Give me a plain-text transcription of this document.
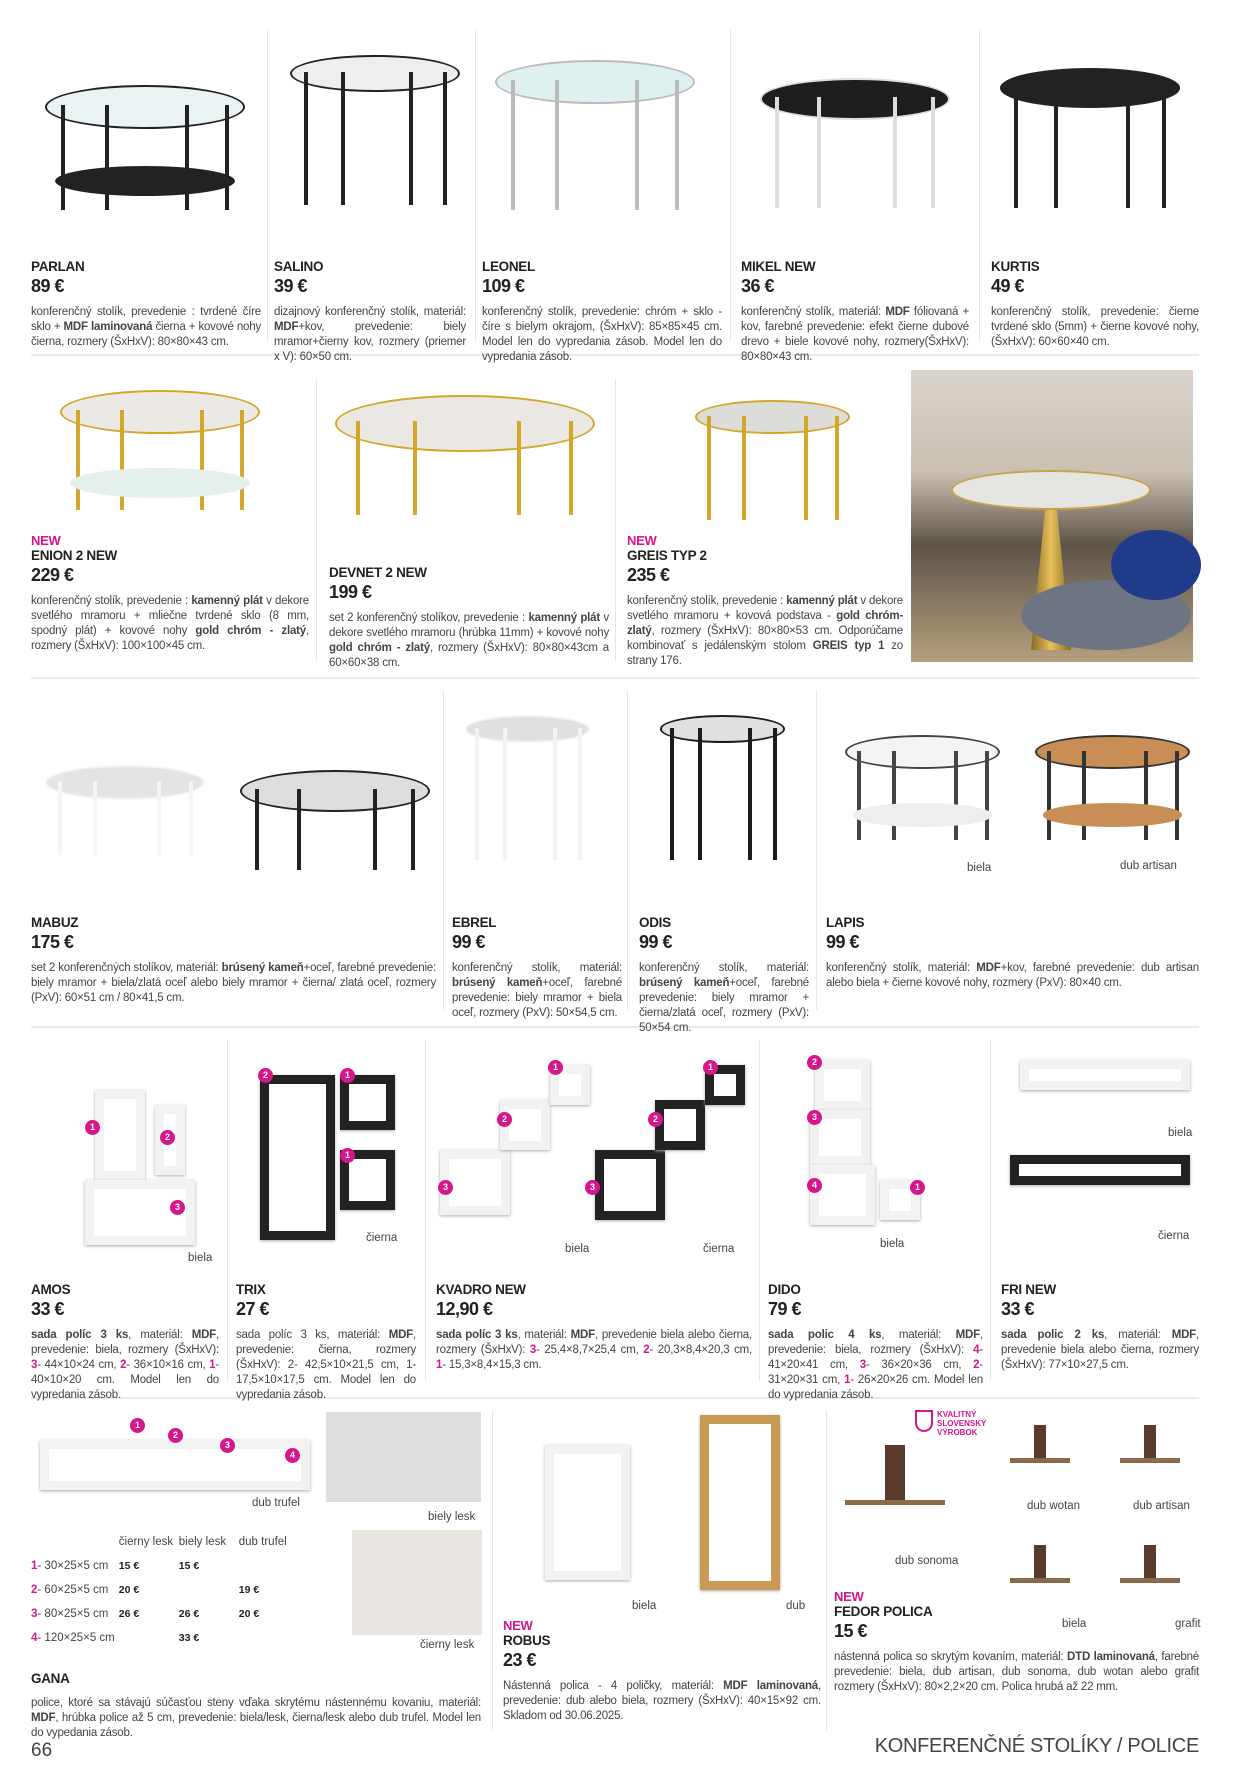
PARLAN
89 €
konferenčný stolík, prevedenie : tvrdené číre sklo + MDF laminovaná čierna + kovové nohy čierna, rozmery (ŠxHxV): 80×80×43 cm.
SALINO
39 €
dizajnový konferenčný stolík, materiál: MDF+kov, prevedenie: biely mramor+čierny kov, rozmery (priemer x V): 60×50 cm.
LEONEL
109 €
konferenčný stolík, prevedenie: chróm + sklo - číre s bielym okrajom, (ŠxHxV): 85×85×45 cm. Model len do vypredania zásob. Model len do vypredania zásob.
MIKEL NEW
36 €
konferenčný stolík, materiál: MDF fóliovaná + kov, farebné prevedenie: efekt čierne dubové drevo + biele kovové nohy, rozmery(ŠxHxV): 80×80×43 cm.
KURTIS
49 €
konferenčný stolík, prevedenie: čierne tvrdené sklo (5mm) + čierne kovové nohy, (ŠxHxV): 60×60×40 cm.
NEW
ENION 2 NEW
229 €
konferenčný stolík, prevedenie : kamenný plát v dekore svetlého mramoru + mliečne tvrdené sklo (8 mm, spodný plát) + kovové nohy gold chróm - zlatý, rozmery (ŠxHxV): 100×100×45 cm.
DEVNET 2 NEW
199 €
set 2 konferenčný stolíkov, prevedenie : kamenný plát v dekore svetlého mramoru (hrúbka 11mm) + kovové nohy gold chróm - zlatý, rozmery (ŠxHxV): 80×80×43cm a 60×60×38 cm.
NEW
GREIS TYP 2
235 €
konferenčný stolík, prevedenie : kamenný plát v dekore svetlého mramoru + kovová podstava - gold chróm- zlatý, rozmery (ŠxHxV): 80×80×53 cm. Odporúčame kombinovať s jedálenským stolom GREIS typ 1 zo strany 176.
MABUZ
175 €
set 2 konferenčných stolíkov, materiál: brúsený kameň+oceľ, farebné prevedenie: biely mramor + biela/zlatá oceľ alebo biely mramor + čierna/ zlatá oceľ, rozmery (PxV): 60×51 cm / 80×41,5 cm.
EBREL
99 €
konferenčný stolík, materiál: brúsený kameň+oceľ, farebné prevedenie: biely mramor + biela oceľ, rozmery (PxV): 50×54,5 cm.
ODIS
99 €
konferenčný stolík, materiál: brúsený kameň+oceľ, farebné prevedenie: biely mramor + čierna/zlatá oceľ, rozmery (PxV): 50×54 cm.
LAPIS
99 €
konferenčný stolík, materiál: MDF+kov, farebné prevedenie: dub artisan alebo biela + čierne kovové nohy, rozmery (PxV): 80×40 cm.
AMOS
33 €
sada políc 3 ks, materiál: MDF, prevedenie: biela, rozmery (ŠxHxV): 3- 44×10×24 cm, 2- 36×10×16 cm, 1- 40×10×20 cm. Model len do vypredania zásob.
TRIX
27 €
sada políc 3 ks, materiál: MDF, prevedenie: čierna, rozmery (ŠxHxV): 2- 42,5×10×21,5 cm, 1- 17,5×10×17,5 cm. Model len do vypredania zásob.
KVADRO NEW
12,90 €
sada políc 3 ks, materiál: MDF, prevedenie biela alebo čierna, rozmery (ŠxHxV): 3- 25,4×8,7×25,4 cm, 2- 20,3×8,4×20,3 cm, 1- 15,3×8,4×15,3 cm.
DIDO
79 €
sada polic 4 ks, materiál: MDF, prevedenie: biela, rozmery (ŠxHxV): 4- 41×20×41 cm, 3- 36×20×36 cm, 2- 31×20×31 cm, 1- 26×20×26 cm. Model len do vypredania zásob.
FRI NEW
33 €
sada polic 2 ks, materiál: MDF, prevedenie biela alebo čierna, rozmery (ŠxHxV): 77×10×27,5 cm.
GANA
police, ktoré sa stávajú súčasťou steny vďaka skrytému nástennému kovaniu, materiál: MDF, hrúbka police až 5 cm, prevedenie: biela/lesk, čierna/lesk alebo dub trufel. Model len do vypedania zásob.
NEW
ROBUS
23 €
Nástenná polica - 4 poličky, materiál: MDF laminovaná, prevedenie: dub alebo biela, rozmery (ŠxHxV): 40×15×92 cm. Skladom od 30.06.2025.
NEW
FEDOR POLICA
15 €
nástenná polica so skrytým kovaním, materiál: DTD laminovaná, farebné prevedenie: biela, dub artisan, dub sonoma, dub wotan alebo grafit rozmery (ŠxHxV): 80×2,2×20 cm. Polica hrubá až 22 mm.
1
2
3
2	1
1
1
2
3
1
2
3
2
3
4	1
1
2
3
4
biela	dub artisan
biela
biela
čierna
biela	čierna
biela
čierna
dub trufel
biely lesk
čierny lesk
biela	dub
dub sonoma
dub wotan	dub artisan
biela	grafit
	čierny lesk	biely lesk	dub trufel
1- 30×25×5 cm	15 €	15 €	
2- 60×25×5 cm	20 €		19 €
3- 80×25×5 cm	26 €	26 €	20 €
4- 120×25×5 cm		33 €	
KVALITNÝ SLOVENSKÝ VÝROBOK
66	KONFERENČNÉ STOLÍKY / POLICE
